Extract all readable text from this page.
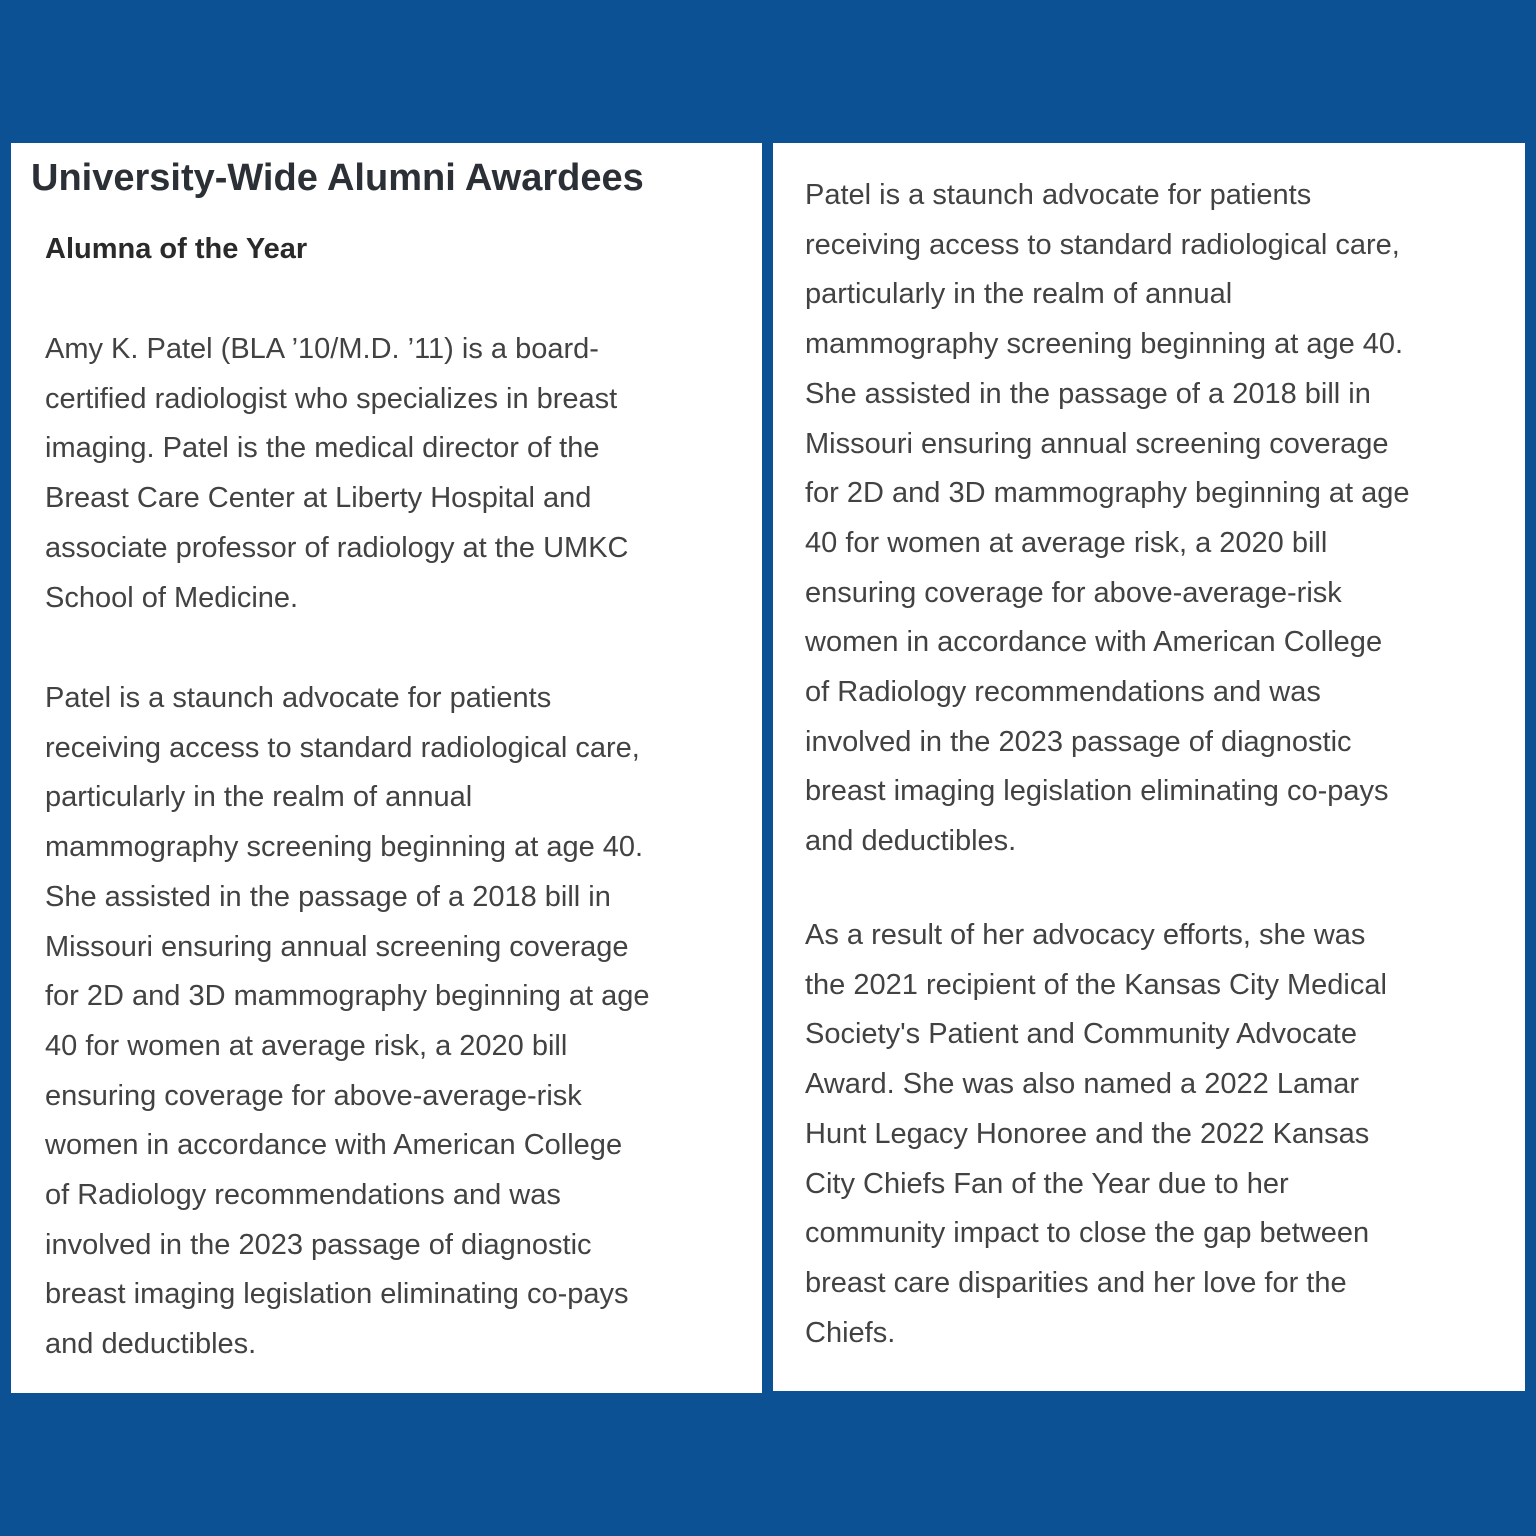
University-Wide Alumni Awardees
Alumna of the Year

Amy K. Patel (BLA ’10/M.D. ’11) is a board-
certified radiologist who specializes in breast
imaging. Patel is the medical director of the
Breast Care Center at Liberty Hospital and
associate professor of radiology at the UMKC
School of Medicine.

Patel is a staunch advocate for patients
receiving access to standard radiological care,
particularly in the realm of annual
mammography screening beginning at age 40.
She assisted in the passage of a 2018 bill in
Missouri ensuring annual screening coverage
for 2D and 3D mammography beginning at age
40 for women at average risk, a 2020 bill
ensuring coverage for above-average-risk
women in accordance with American College
of Radiology recommendations and was
involved in the 2023 passage of diagnostic
breast imaging legislation eliminating co-pays
and deductibles.

Patel is a staunch advocate for patients
receiving access to standard radiological care,
particularly in the realm of annual
mammography screening beginning at age 40.
She assisted in the passage of a 2018 bill in
Missouri ensuring annual screening coverage
for 2D and 3D mammography beginning at age
40 for women at average risk, a 2020 bill
ensuring coverage for above-average-risk
women in accordance with American College
of Radiology recommendations and was
involved in the 2023 passage of diagnostic
breast imaging legislation eliminating co-pays
and deductibles.

As a result of her advocacy efforts, she was
the 2021 recipient of the Kansas City Medical
Society's Patient and Community Advocate
Award. She was also named a 2022 Lamar
Hunt Legacy Honoree and the 2022 Kansas
City Chiefs Fan of the Year due to her
community impact to close the gap between
breast care disparities and her love for the
Chiefs.
